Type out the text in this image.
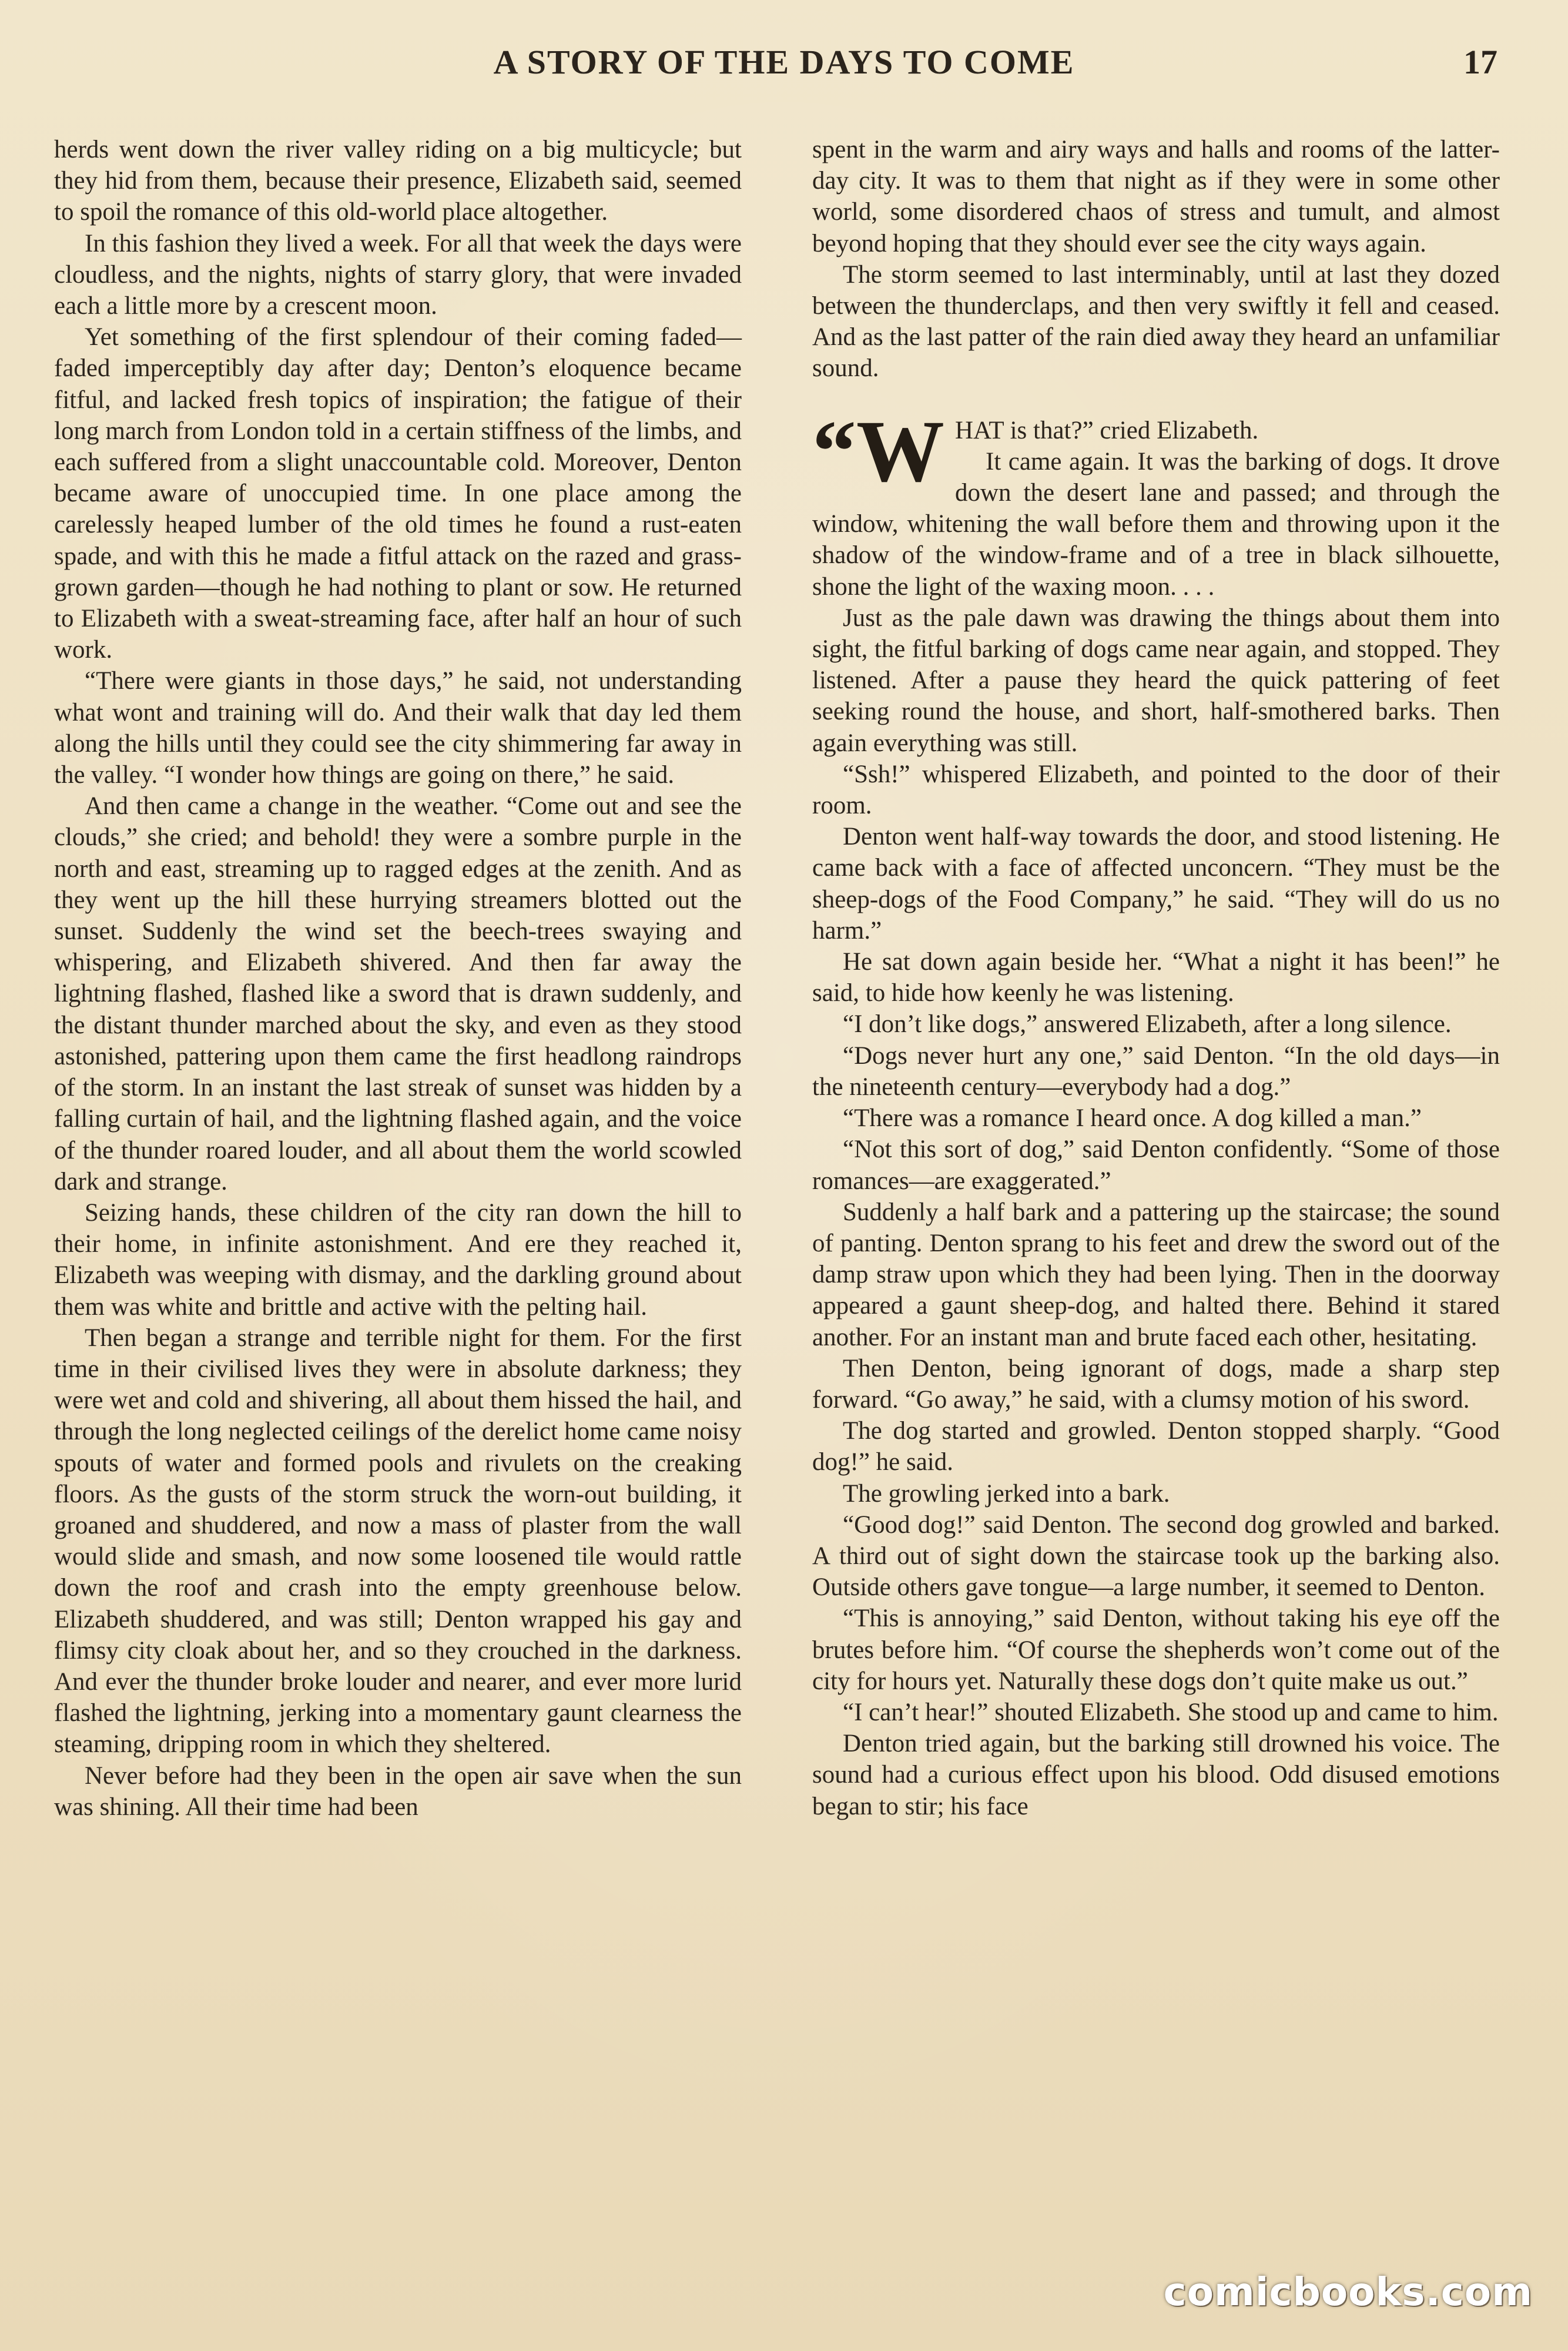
A STORY OF THE DAYS TO COME	17

herds went down the river valley riding on a big multicycle; but they hid from them, because their presence, Elizabeth said, seemed to spoil the romance of this old-world place altogether.

In this fashion they lived a week. For all that week the days were cloudless, and the nights, nights of starry glory, that were invaded each a little more by a crescent moon.

Yet something of the first splendour of their coming faded—faded imperceptibly day after day; Denton’s eloquence became fitful, and lacked fresh topics of inspiration; the fatigue of their long march from London told in a certain stiffness of the limbs, and each suffered from a slight unaccountable cold. Moreover, Denton became aware of unoccupied time. In one place among the carelessly heaped lumber of the old times he found a rust-eaten spade, and with this he made a fitful attack on the razed and grass-grown garden—though he had nothing to plant or sow. He returned to Elizabeth with a sweat-streaming face, after half an hour of such work.

“There were giants in those days,” he said, not understanding what wont and training will do. And their walk that day led them along the hills until they could see the city shimmering far away in the valley. “I wonder how things are going on there,” he said.

And then came a change in the weather. “Come out and see the clouds,” she cried; and behold! they were a sombre purple in the north and east, streaming up to ragged edges at the zenith. And as they went up the hill these hurrying streamers blotted out the sunset. Suddenly the wind set the beech-trees swaying and whispering, and Elizabeth shivered. And then far away the lightning flashed, flashed like a sword that is drawn suddenly, and the distant thunder marched about the sky, and even as they stood astonished, pattering upon them came the first headlong raindrops of the storm. In an instant the last streak of sunset was hidden by a falling curtain of hail, and the lightning flashed again, and the voice of the thunder roared louder, and all about them the world scowled dark and strange.

Seizing hands, these children of the city ran down the hill to their home, in infinite astonishment. And ere they reached it, Elizabeth was weeping with dismay, and the darkling ground about them was white and brittle and active with the pelting hail.

Then began a strange and terrible night for them. For the first time in their civilised lives they were in absolute darkness; they were wet and cold and shivering, all about them hissed the hail, and through the long neglected ceilings of the derelict home came noisy spouts of water and formed pools and rivulets on the creaking floors. As the gusts of the storm struck the worn-out building, it groaned and shuddered, and now a mass of plaster from the wall would slide and smash, and now some loosened tile would rattle down the roof and crash into the empty greenhouse below. Elizabeth shuddered, and was still; Denton wrapped his gay and flimsy city cloak about her, and so they crouched in the darkness. And ever the thunder broke louder and nearer, and ever more lurid flashed the lightning, jerking into a momentary gaunt clearness the steaming, dripping room in which they sheltered.

Never before had they been in the open air save when the sun was shining. All their time had been

spent in the warm and airy ways and halls and rooms of the latter-day city. It was to them that night as if they were in some other world, some disordered chaos of stress and tumult, and almost beyond hoping that they should ever see the city ways again.

The storm seemed to last interminably, until at last they dozed between the thunderclaps, and then very swiftly it fell and ceased. And as the last patter of the rain died away they heard an unfamiliar sound.

“W HAT is that?” cried Elizabeth.

It came again. It was the barking of dogs. It drove down the desert lane and passed; and through the window, whitening the wall before them and throwing upon it the shadow of the window-frame and of a tree in black silhouette, shone the light of the waxing moon. . . .

Just as the pale dawn was drawing the things about them into sight, the fitful barking of dogs came near again, and stopped. They listened. After a pause they heard the quick pattering of feet seeking round the house, and short, half-smothered barks. Then again everything was still.

“Ssh!” whispered Elizabeth, and pointed to the door of their room.

Denton went half-way towards the door, and stood listening. He came back with a face of affected unconcern. “They must be the sheep-dogs of the Food Company,” he said. “They will do us no harm.”

He sat down again beside her. “What a night it has been!” he said, to hide how keenly he was listening.

“I don’t like dogs,” answered Elizabeth, after a long silence.

“Dogs never hurt any one,” said Denton. “In the old days—in the nineteenth century—everybody had a dog.”

“There was a romance I heard once. A dog killed a man.”

“Not this sort of dog,” said Denton confidently. “Some of those romances—are exaggerated.”

Suddenly a half bark and a pattering up the staircase; the sound of panting. Denton sprang to his feet and drew the sword out of the damp straw upon which they had been lying. Then in the doorway appeared a gaunt sheep-dog, and halted there. Behind it stared another. For an instant man and brute faced each other, hesitating.

Then Denton, being ignorant of dogs, made a sharp step forward. “Go away,” he said, with a clumsy motion of his sword.

The dog started and growled. Denton stopped sharply. “Good dog!” he said.

The growling jerked into a bark.

“Good dog!” said Denton. The second dog growled and barked. A third out of sight down the staircase took up the barking also. Outside others gave tongue—a large number, it seemed to Denton.

“This is annoying,” said Denton, without taking his eye off the brutes before him. “Of course the shepherds won’t come out of the city for hours yet. Naturally these dogs don’t quite make us out.”

“I can’t hear!” shouted Elizabeth. She stood up and came to him.

Denton tried again, but the barking still drowned his voice. The sound had a curious effect upon his blood. Odd disused emotions began to stir; his face

comicbooks.com
